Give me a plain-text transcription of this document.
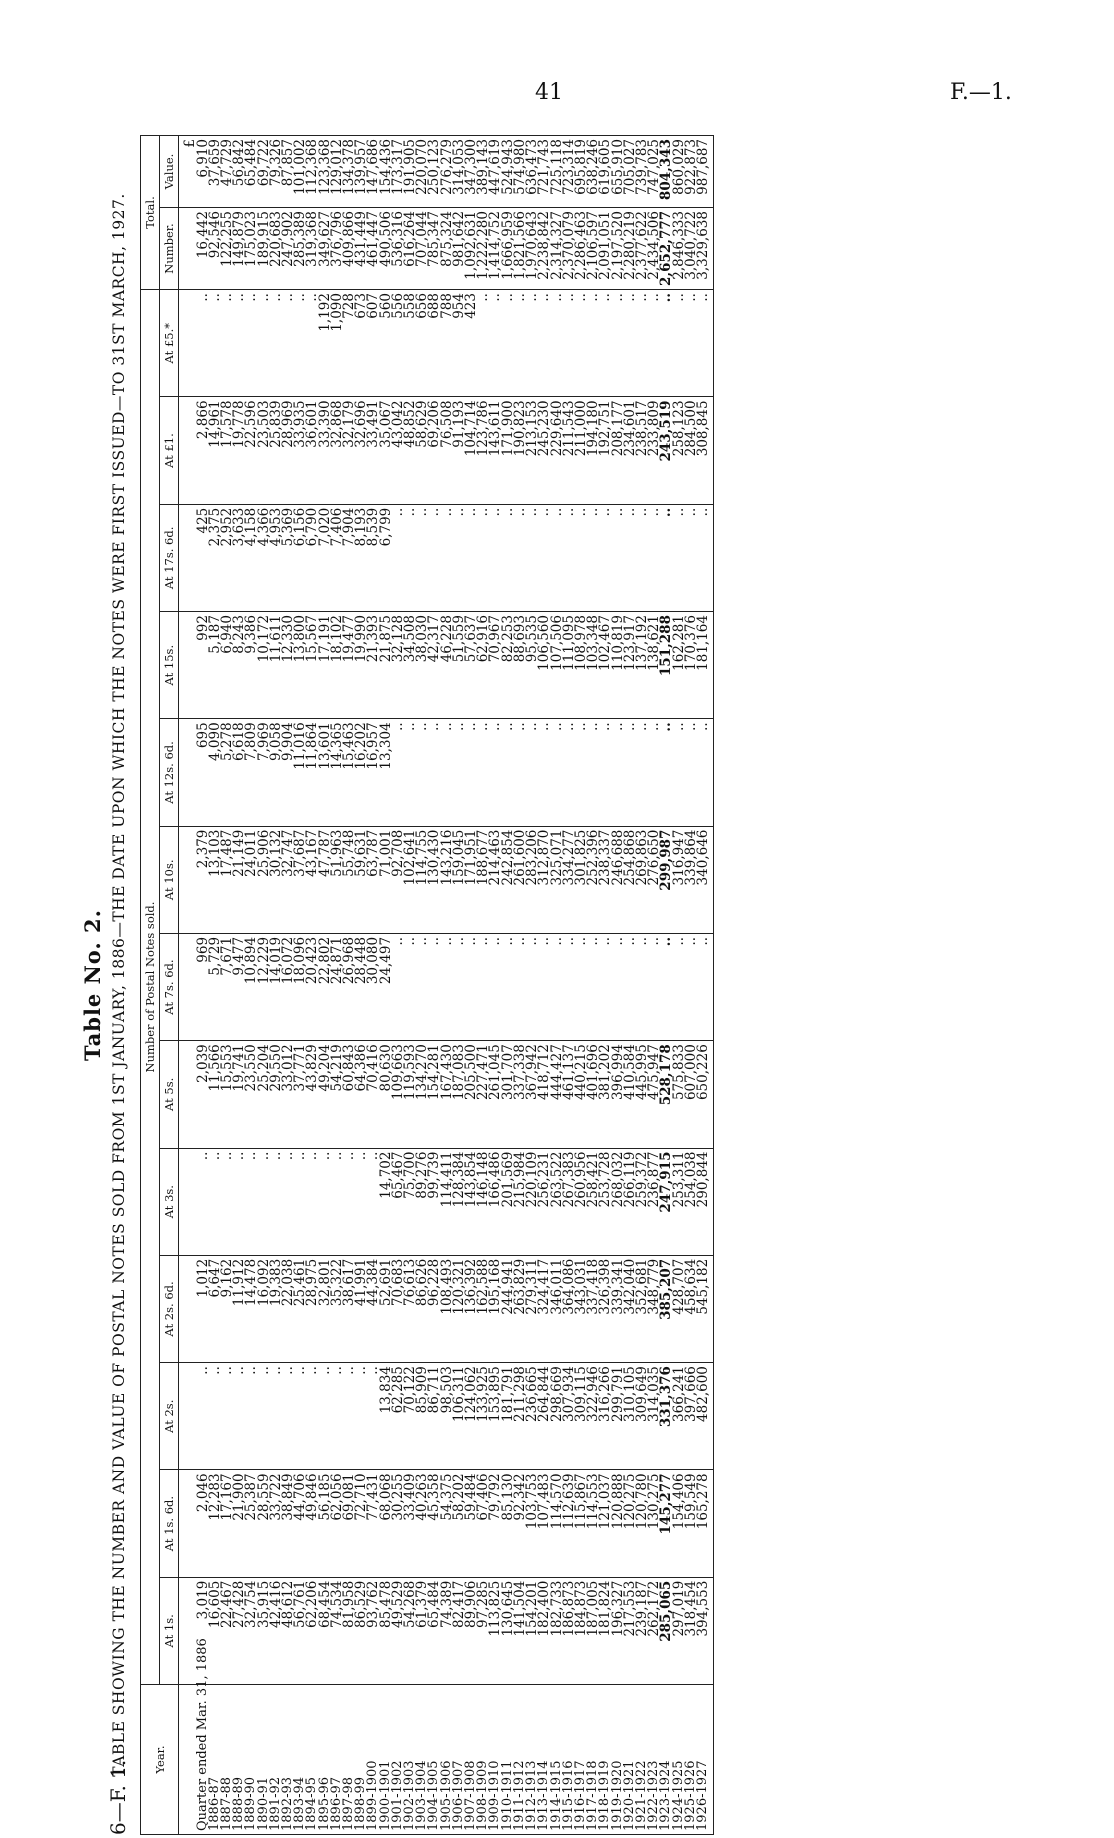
41	F.—1.
6—F. 1.
Table No. 2. TABLE SHOWING THE NUMBER AND VALUE OF POSTAL NOTES SOLD FROM 1ST JANUARY, 1886—THE DATE UPON WHICH THE NOTES WERE FIRST ISSUED—TO 31ST MARCH, 1927. Year.	Number of Postal Notes sold.													Total.	
	At 1s.	At 1s. 6d.	At 2s.	At 2s. 6d.	At 3s.	At 5s.	At 7s. 6d.	At 10s.	At 12s. 6d.	At 15s.	At 17s. 6d.	At £1.	At £5.*	Number.	Value.
															£
Quarter ended Mar. 31, 1886	3,019	2,046	..	1,012	..	2,039	969	2,379	695	992	425	2,866	..	16,442	6,910
1886-87	16,605	12,283	..	6,647	..	11,566	5,729	13,103	4,090	5,187	2,375	14,961	..	92,546	37,659
1887-88	22,467	17,167	..	9,162	..	15,553	7,671	17,487	5,278	6,940	2,952	17,578	..	122,255	47,729
1888-89	27,428	21,900	..	11,912	..	19,741	9,477	21,149	6,618	8,243	3,633	19,778	..	149,879	56,842
1889-90	32,754	25,387	..	14,478	..	23,550	10,894	24,011	7,809	9,386	4,158	22,596	..	175,023	65,484
1890-91	35,915	28,559	..	16,092	..	25,204	12,229	25,906	7,969	10,172	4,366	23,503	..	189,915	69,722
1891-92	42,416	33,722	..	19,383	..	29,550	14,019	30,132	9,058	11,611	4,953	25,839	..	220,683	79,326
1892-93	48,612	38,849	..	22,038	..	33,012	16,072	32,747	9,904	12,330	5,369	28,969	..	247,902	87,857
1893-94	56,761	44,706	..	25,461	..	37,771	18,096	37,687	11,016	13,800	6,156	33,935	..	285,389	101,002
1894-95	62,206	49,846	..	28,975	..	43,829	20,423	43,167	11,864	15,567	6,790	36,601	..	319,368	112,368
1895-96	68,454	56,185	..	32,801	..	49,204	22,802	47,787	13,601	17,191	7,020	33,390	1,192	349,627	123,368
1896-97	74,534	62,056	..	35,322	..	54,219	24,871	51,963	14,365	18,102	7,406	32,868	1,090	376,796	129,012
1897-98	81,958	69,081	..	38,617	..	60,843	26,968	55,748	15,463	19,477	7,904	32,179	728	409,866	134,378
1898-99	86,529	72,710	..	41,991	..	64,386	28,448	59,631	16,202	19,990	8,193	32,696	673	431,449	139,957
1899-1900	93,762	77,431	..	44,384	..	70,416	30,080	63,787	16,957	21,393	8,539	33,491	607	461,447	147,686
1900-1901	85,478	68,068	13,834	52,691	14,702	80,630	24,497	71,001	13,304	21,875	6,799	35,067	560	490,506	154,436
1901-1902	49,529	30,255	62,285	70,683	65,467	109,663	..	92,708	..	32,128	..	43,042	556	536,316	173,317
1902-1903	54,268	33,409	70,122	76,613	75,700	119,593	..	102,641	..	34,508	..	48,852	558	616,264	191,905
1903-1904	61,379	40,263	85,909	86,626	89,276	134,270	..	114,755	..	38,030	..	58,629	656	707,044	220,070
1904-1905	65,484	45,358	86,711	96,228	99,739	154,281	..	130,430	..	42,317	..	69,206	688	785,347	250,123
1905-1906	74,389	54,375	98,503	108,493	114,411	167,430	..	143,216	..	46,228	..	76,508	788	875,324	276,279
1906-1907	82,417	58,202	106,311	120,321	128,384	187,083	..	159,045	..	51,559	..	91,193	954	981,642	314,053
1907-1908	89,906	59,484	124,062	136,392	143,854	205,500	..	171,951	..	57,637	..	104,714	423	1,092,631	347,300
1908-1909	97,285	67,406	133,925	162,588	146,148	227,471	..	188,677	..	62,916	..	123,786	..	1,222,280	389,143
1909-1910	113,825	79,792	153,895	195,168	166,486	261,045	..	214,463	..	70,967	..	143,611	..	1,414,752	447,619
1910-1911	130,645	85,130	181,791	244,941	201,569	301,707	..	242,854	..	82,253	..	171,900	..	1,666,959	524,943
1911-1912	141,504	92,342	211,298	263,829	215,984	337,338	..	261,600	..	88,693	..	190,823	..	1,821,566	574,980
1912-1913	154,201	103,753	236,665	279,311	220,109	367,942	..	283,206	..	95,535	..	213,153	..	1,970,643	636,473
1913-1914	182,400	107,483	264,844	324,417	256,231	418,712	..	312,870	..	106,560	..	245,230	..	2,238,842	721,743
1914-1915	182,733	114,570	298,669	346,011	263,522	444,427	..	325,071	..	107,506	..	229,640	..	2,314,327	725,118
1915-1916	186,873	112,639	307,934	364,086	267,383	461,137	..	334,277	..	111,095	..	211,543	..	2,370,079	723,314
1916-1917	184,873	115,867	309,115	343,031	260,956	440,215	..	301,825	..	108,978	..	211,000	..	2,286,463	695,819
1917-1918	187,005	114,553	322,946	337,418	258,421	401,696	..	252,396	..	103,348	..	194,180	..	2,106,597	638,246
1918-1919	181,824	121,037	316,266	326,398	253,728	381,202	..	238,337	..	102,467	..	192,751	..	2,091,051	619,605
1919-1920	196,327	120,888	299,791	339,341	268,032	396,994	..	246,688	..	110,819	..	208,177	..	2,197,520	655,910
1920-1921	217,553	120,275	310,105	342,040	266,119	410,584	..	254,868	..	123,917	..	234,601	..	2,280,219	705,027
1921-1922	239,187	120,780	309,649	352,681	259,372	445,995	..	269,863	..	137,192	..	238,517	..	2,377,622	739,783
1922-1923	262,172	130,275	314,035	348,779	236,877	475,947	..	276,650	..	138,621	..	233,809	..	2,434,506	747,025
1923-1924	285,065	145,277	331,376	385,207	247,915	528,178	..	299,987	..	151,288	..	243,519	..	2,652,777	804,343
1924-1925	297,019	154,406	366,241	428,707	253,311	575,833	..	316,947	..	162,281	..	258,123	..	2,846,333	860,029
1925-1926	318,454	159,549	397,666	458,634	254,038	607,000	..	339,864	..	170,376	..	284,500	..	3,040,722	922,873
1926-1927	394,553	165,278	482,600	545,182	290,844	650,226	..	340,646	..	181,164	..	308,845	..	3,329,638	987,687
